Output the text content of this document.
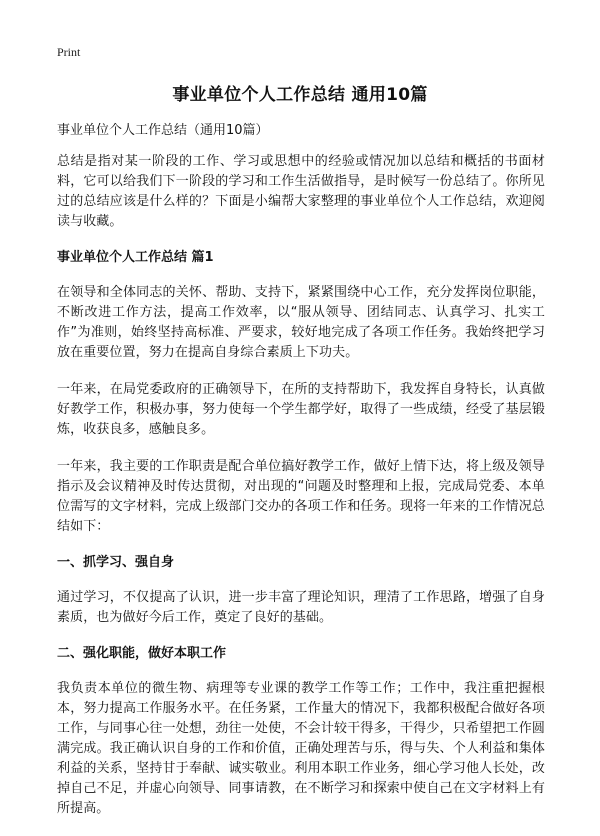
Print
事业单位个人工作总结 通用10篇
事业单位个人工作总结（通用10篇）

总结是指对某一阶段的工作、学习或思想中的经验或情况加以总结和概括的书面材料，它可以给我们下一阶段的学习和工作生活做指导，是时候写一份总结了。你所见过的总结应该是什么样的？下面是小编帮大家整理的事业单位个人工作总结，欢迎阅读与收藏。

事业单位个人工作总结 篇1

在领导和全体同志的关怀、帮助、支持下，紧紧围绕中心工作，充分发挥岗位职能，不断改进工作方法，提高工作效率，以“服从领导、团结同志、认真学习、扎实工作”为准则，始终坚持高标准、严要求，较好地完成了各项工作任务。我始终把学习放在重要位置，努力在提高自身综合素质上下功夫。

一年来，在局党委政府的正确领导下，在所的支持帮助下，我发挥自身特长，认真做好教学工作，积极办事，努力使每一个学生都学好，取得了一些成绩，经受了基层锻炼，收获良多，感触良多。

一年来，我主要的工作职责是配合单位搞好教学工作，做好上情下达，将上级及领导指示及会议精神及时传达贯彻，对出现的“问题及时整理和上报，完成局党委、本单位需写的文字材料，完成上级部门交办的各项工作和任务。现将一年来的工作情况总结如下：

一、抓学习、强自身

通过学习，不仅提高了认识，进一步丰富了理论知识，理清了工作思路，增强了自身素质，也为做好今后工作，奠定了良好的基础。

二、强化职能，做好本职工作

我负责本单位的微生物、病理等专业课的教学工作等工作；工作中，我注重把握根本，努力提高工作服务水平。在任务紧，工作量大的情况下，我都积极配合做好各项工作，与同事心往一处想，劲往一处使，不会计较干得多，干得少，只希望把工作圆满完成。我正确认识自身的工作和价值，正确处理苦与乐，得与失、个人利益和集体利益的关系，坚持甘于奉献、诚实敬业。利用本职工作业务，细心学习他人长处，改掉自己不足，并虚心向领导、同事请教，在不断学习和探索中使自己在文字材料上有所提高。
